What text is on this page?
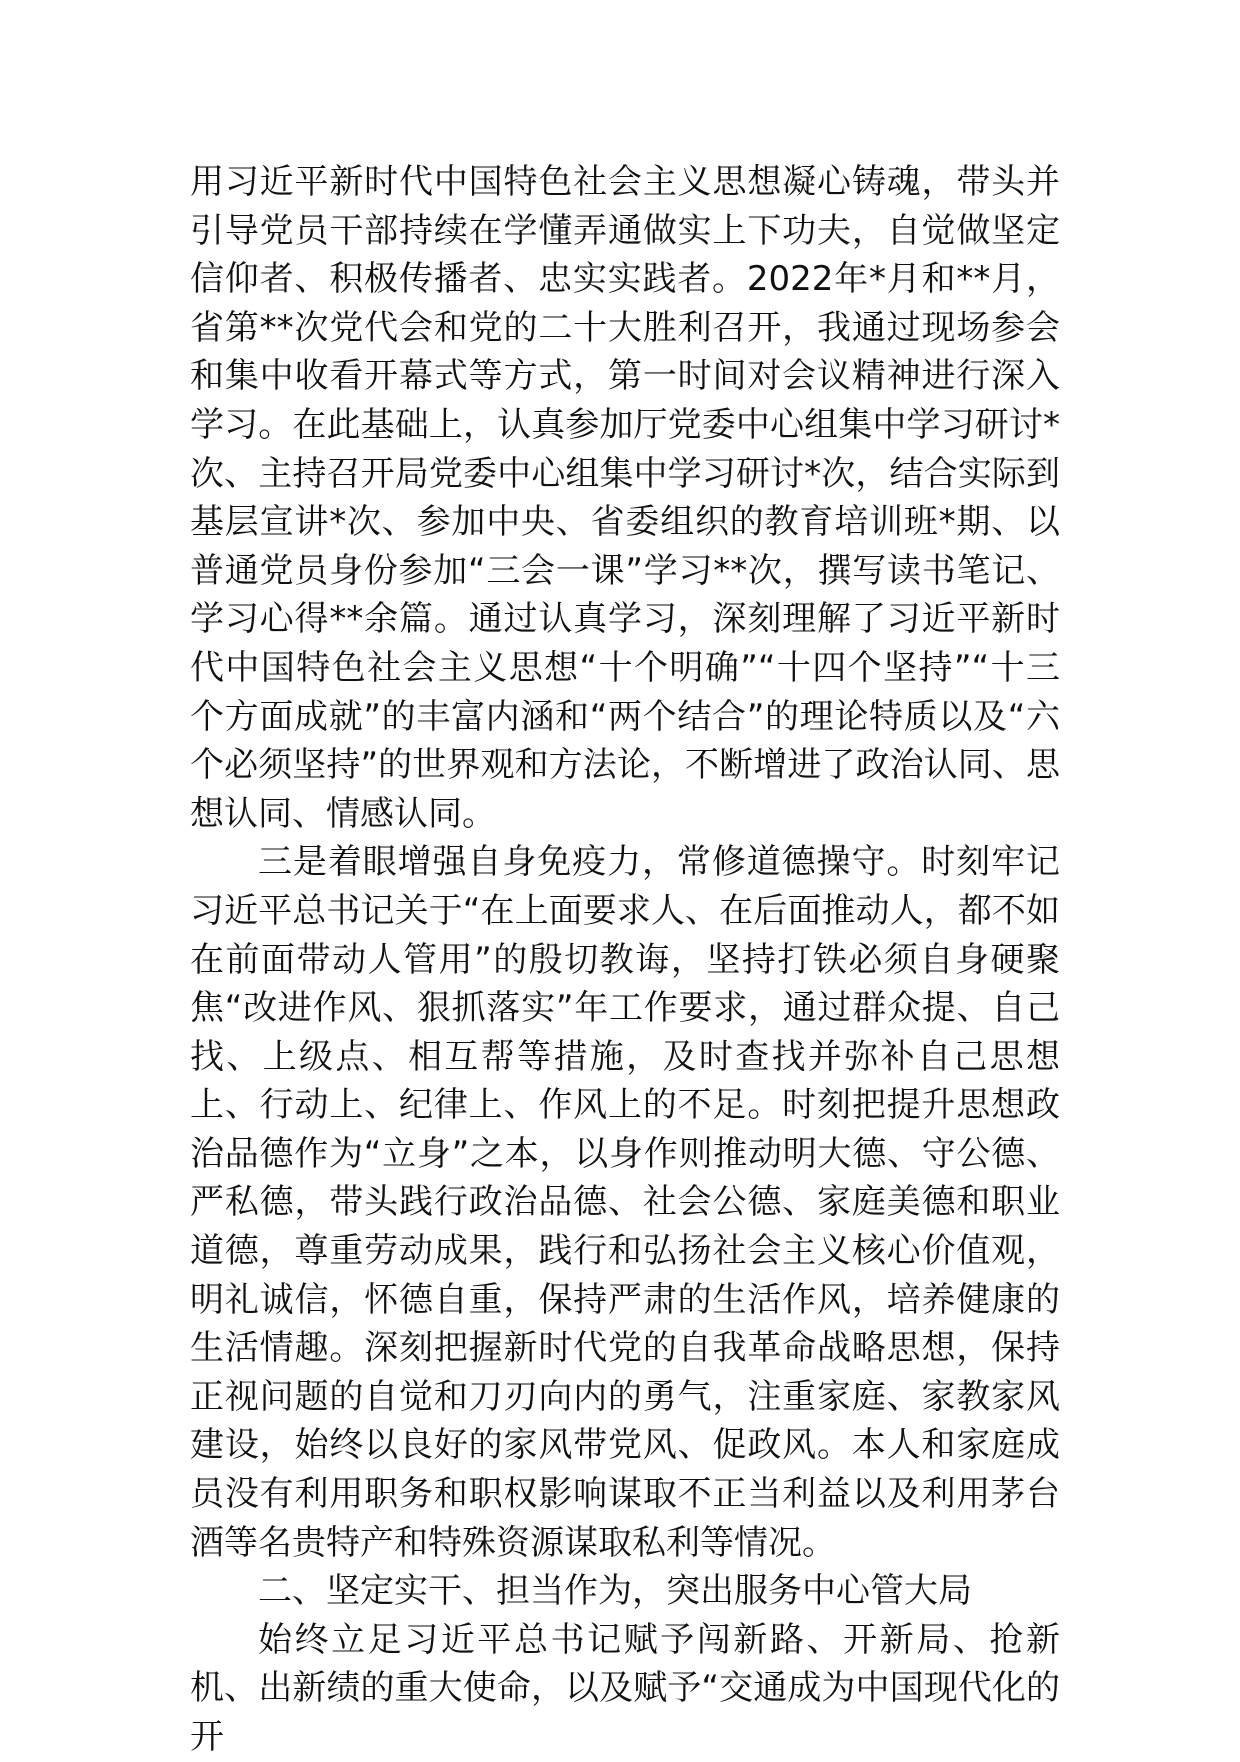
用习近平新时代中国特色社会主义思想凝心铸魂，带头并引导党员干部持续在学懂弄通做实上下功夫，自觉做坚定信仰者、积极传播者、忠实实践者。2022年*月和**月，省第**次党代会和党的二十大胜利召开，我通过现场参会和集中收看开幕式等方式，第一时间对会议精神进行深入学习。在此基础上，认真参加厅党委中心组集中学习研讨*次、主持召开局党委中心组集中学习研讨*次，结合实际到基层宣讲*次、参加中央、省委组织的教育培训班*期、以普通党员身份参加“三会一课”学习**次，撰写读书笔记、学习心得**余篇。通过认真学习，深刻理解了习近平新时代中国特色社会主义思想“十个明确”“十四个坚持”“十三个方面成就”的丰富内涵和“两个结合”的理论特质以及“六个必须坚持”的世界观和方法论，不断增进了政治认同、思想认同、情感认同。

三是着眼增强自身免疫力，常修道德操守。时刻牢记习近平总书记关于“在上面要求人、在后面推动人，都不如在前面带动人管用”的殷切教诲，坚持打铁必须自身硬聚焦“改进作风、狠抓落实”年工作要求，通过群众提、自己找、上级点、相互帮等措施，及时查找并弥补自己思想上、行动上、纪律上、作风上的不足。时刻把提升思想政治品德作为“立身”之本，以身作则推动明大德、守公德、严私德，带头践行政治品德、社会公德、家庭美德和职业道德，尊重劳动成果，践行和弘扬社会主义核心价值观，明礼诚信，怀德自重，保持严肃的生活作风，培养健康的生活情趣。深刻把握新时代党的自我革命战略思想，保持正视问题的自觉和刀刃向内的勇气，注重家庭、家教家风建设，始终以良好的家风带党风、促政风。本人和家庭成员没有利用职务和职权影响谋取不正当利益以及利用茅台酒等名贵特产和特殊资源谋取私利等情况。

二、坚定实干、担当作为，突出服务中心管大局

始终立足习近平总书记赋予闯新路、开新局、抢新机、出新绩的重大使命，以及赋予“交通成为中国现代化的开
